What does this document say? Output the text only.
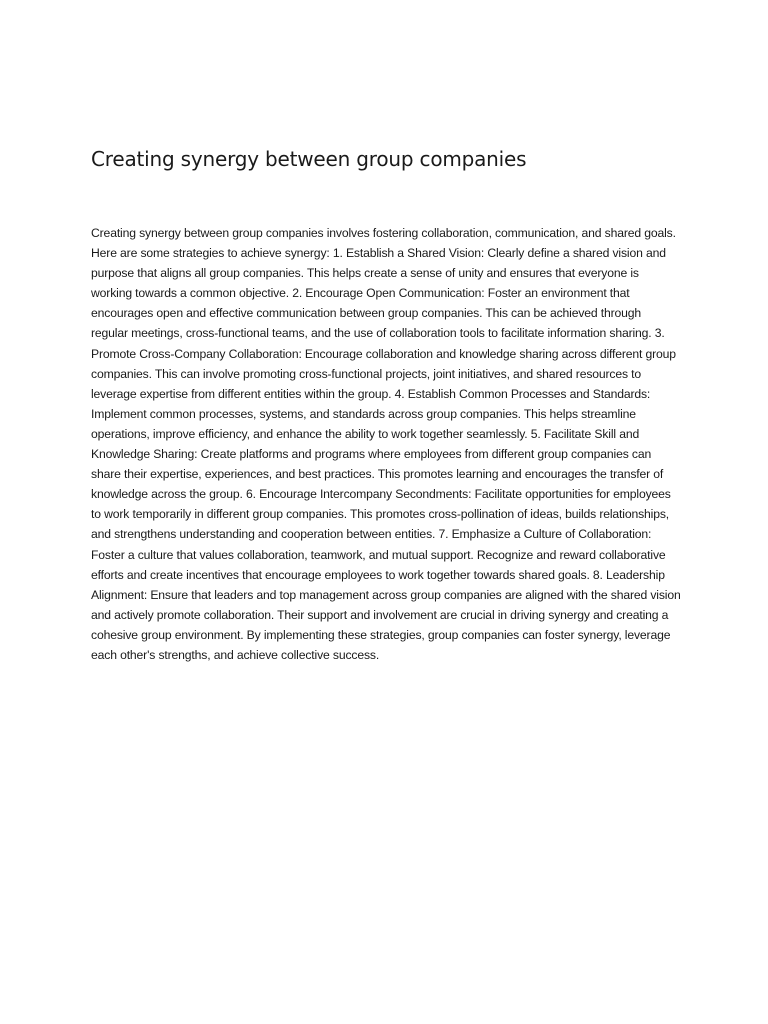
Creating synergy between group companies

Creating synergy between group companies involves fostering collaboration, communication, and shared goals. Here are some strategies to achieve synergy: 1. Establish a Shared Vision: Clearly define a shared vision and purpose that aligns all group companies. This helps create a sense of unity and ensures that everyone is working towards a common objective. 2. Encourage Open Communication: Foster an environment that encourages open and effective communication between group companies. This can be achieved through regular meetings, cross-functional teams, and the use of collaboration tools to facilitate information sharing. 3. Promote Cross-Company Collaboration: Encourage collaboration and knowledge sharing across different group companies. This can involve promoting cross-functional projects, joint initiatives, and shared resources to leverage expertise from different entities within the group. 4. Establish Common Processes and Standards: Implement common processes, systems, and standards across group companies. This helps streamline operations, improve efficiency, and enhance the ability to work together seamlessly. 5. Facilitate Skill and Knowledge Sharing: Create platforms and programs where employees from different group companies can share their expertise, experiences, and best practices. This promotes learning and encourages the transfer of knowledge across the group. 6. Encourage Intercompany Secondments: Facilitate opportunities for employees to work temporarily in different group companies. This promotes cross-pollination of ideas, builds relationships, and strengthens understanding and cooperation between entities. 7. Emphasize a Culture of Collaboration: Foster a culture that values collaboration, teamwork, and mutual support. Recognize and reward collaborative efforts and create incentives that encourage employees to work together towards shared goals. 8. Leadership Alignment: Ensure that leaders and top management across group companies are aligned with the shared vision and actively promote collaboration. Their support and involvement are crucial in driving synergy and creating a cohesive group environment. By implementing these strategies, group companies can foster synergy, leverage each other's strengths, and achieve collective success.
